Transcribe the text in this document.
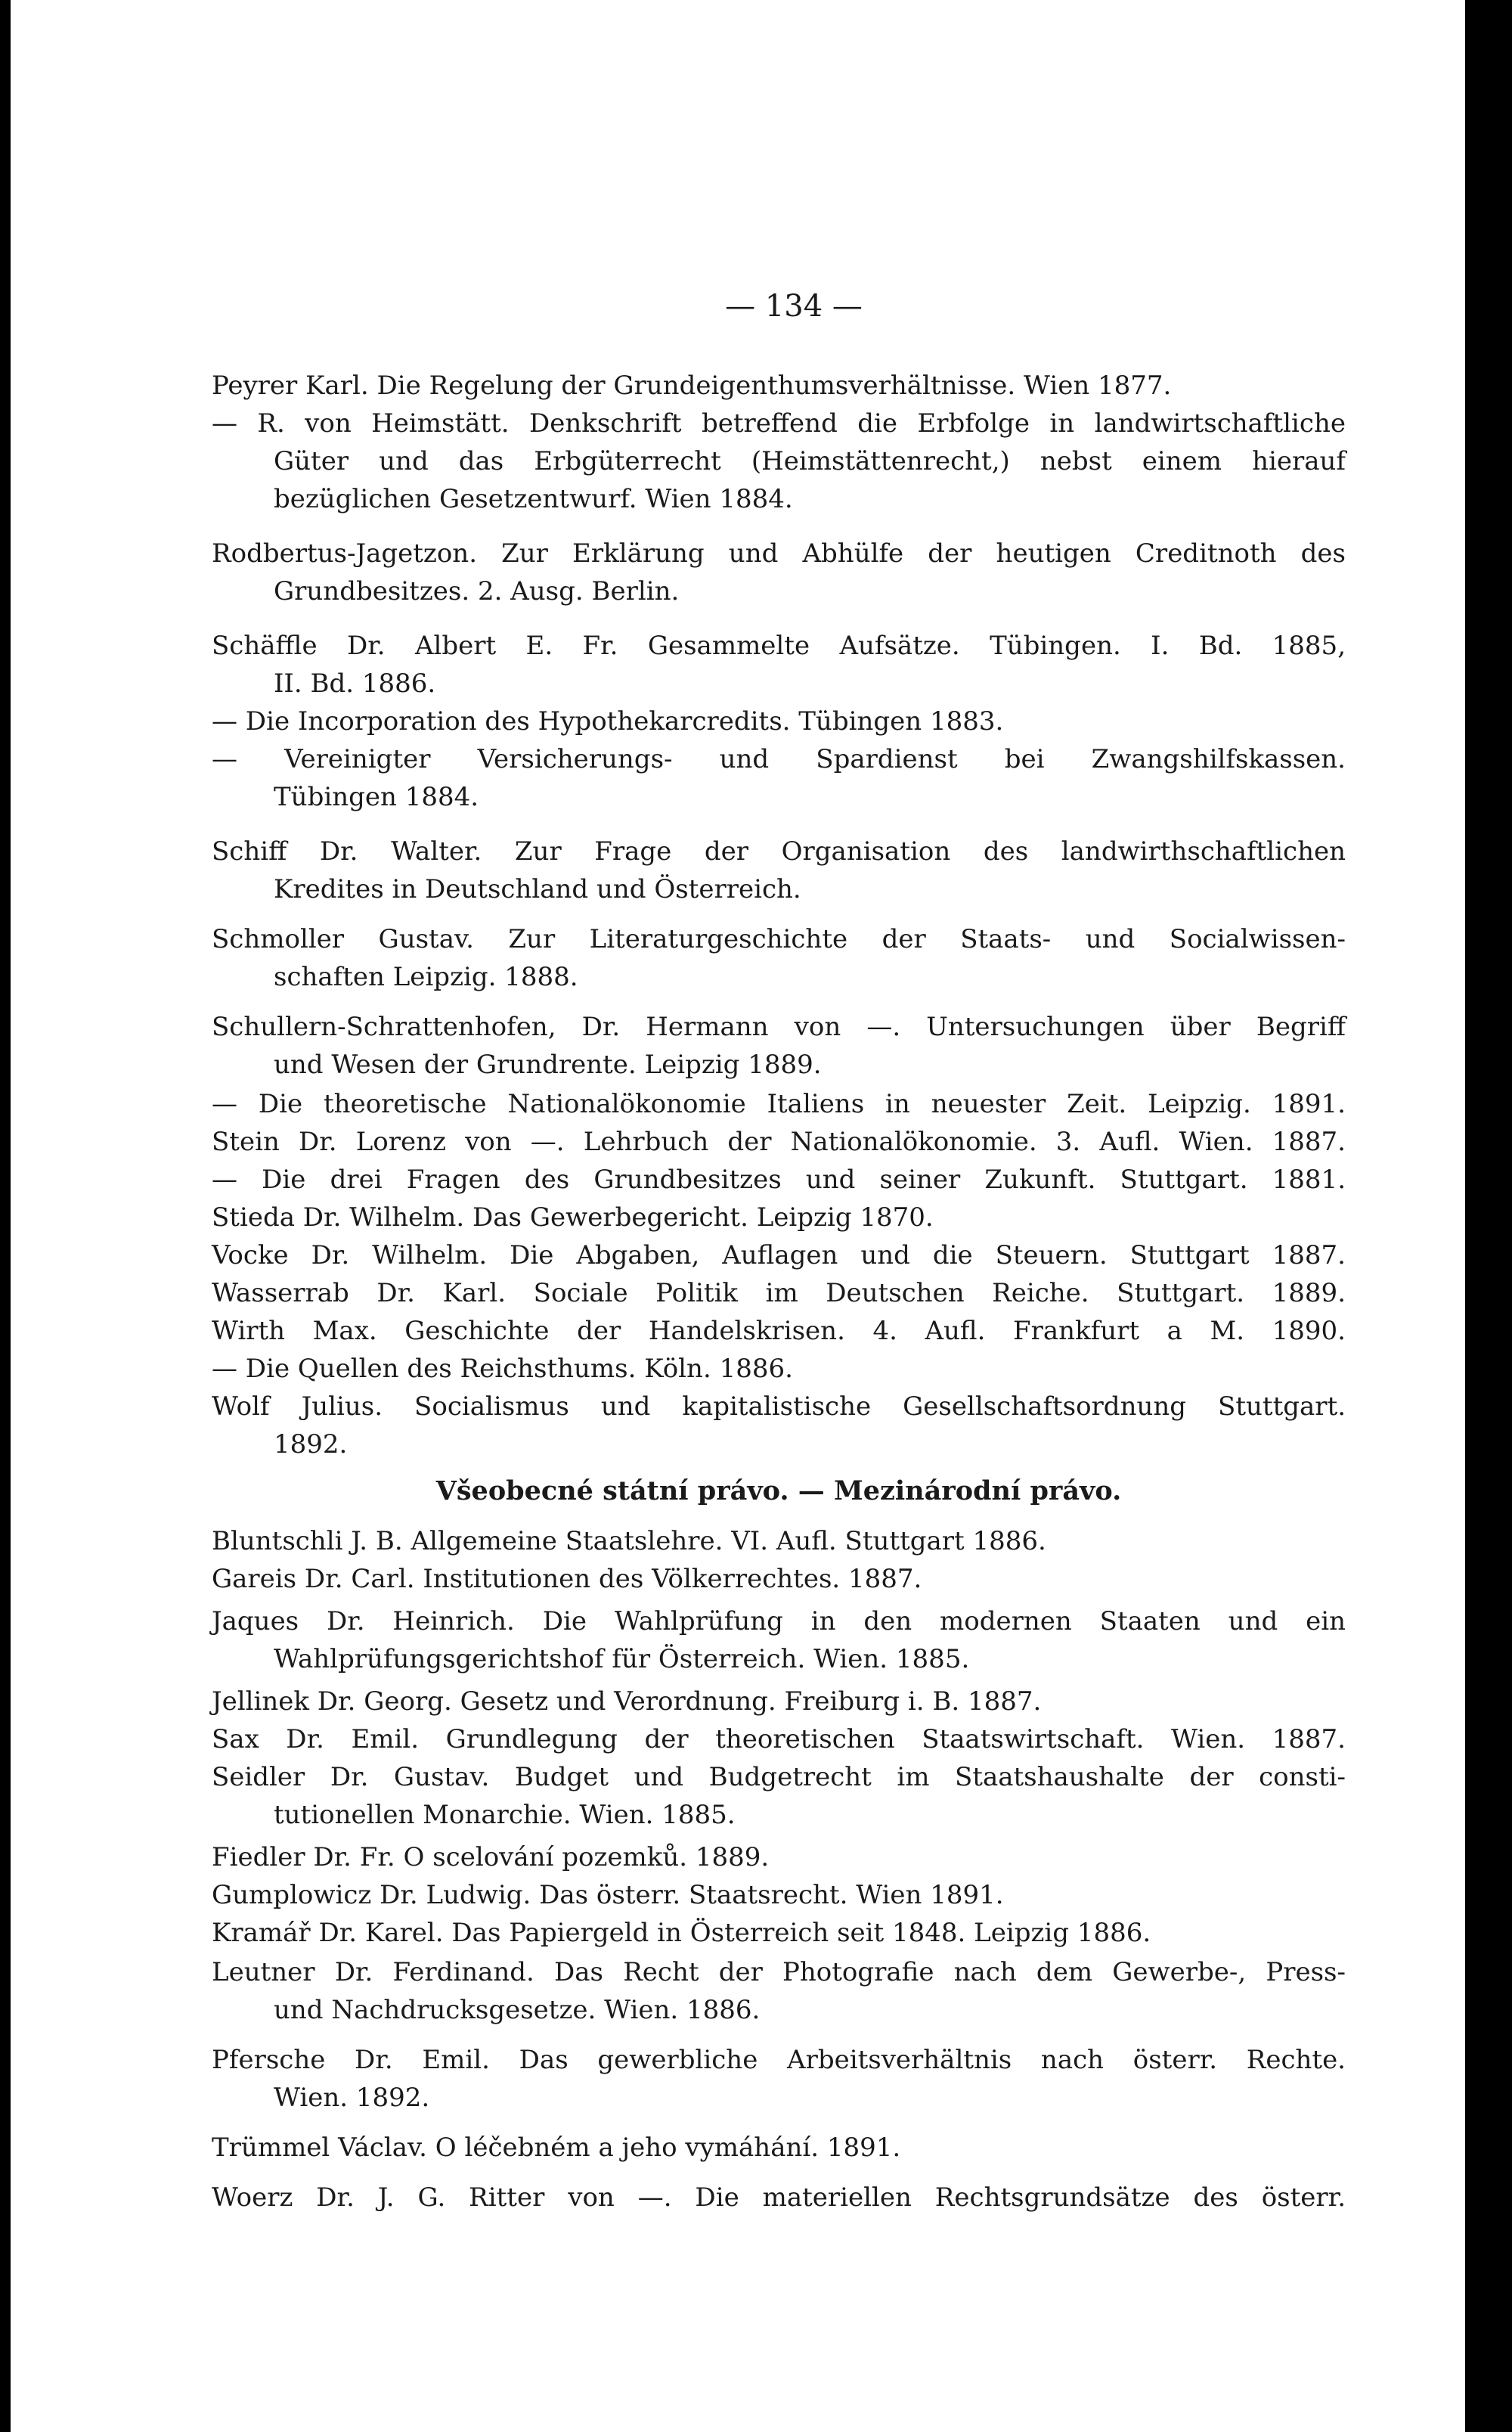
— 134 —
Peyrer Karl. Die Regelung der Grundeigenthumsverhältnisse. Wien 1877.
— R. von Heimstätt. Denkschrift betreffend die Erbfolge in landwirtschaftliche
Güter und das Erbgüterrecht (Heimstättenrecht,) nebst einem hierauf
bezüglichen Gesetzentwurf. Wien 1884.
Rodbertus-Jagetzon. Zur Erklärung und Abhülfe der heutigen Creditnoth des
Grundbesitzes. 2. Ausg. Berlin.
Schäffle Dr. Albert E. Fr. Gesammelte Aufsätze. Tübingen. I. Bd. 1885,
II. Bd. 1886.
— Die Incorporation des Hypothekarcredits. Tübingen 1883.
— Vereinigter Versicherungs- und Spardienst bei Zwangshilfskassen.
Tübingen 1884.
Schiff Dr. Walter. Zur Frage der Organisation des landwirthschaftlichen
Kredites in Deutschland und Österreich.
Schmoller Gustav. Zur Literaturgeschichte der Staats- und Socialwissen-
schaften Leipzig. 1888.
Schullern-Schrattenhofen, Dr. Hermann von —. Untersuchungen über Begriff
und Wesen der Grundrente. Leipzig 1889.
— Die theoretische Nationalökonomie Italiens in neuester Zeit. Leipzig. 1891.
Stein Dr. Lorenz von —. Lehrbuch der Nationalökonomie. 3. Aufl. Wien. 1887.
— Die drei Fragen des Grundbesitzes und seiner Zukunft. Stuttgart. 1881.
Stieda Dr. Wilhelm. Das Gewerbegericht. Leipzig 1870.
Vocke Dr. Wilhelm. Die Abgaben, Auflagen und die Steuern. Stuttgart 1887.
Wasserrab Dr. Karl. Sociale Politik im Deutschen Reiche. Stuttgart. 1889.
Wirth Max. Geschichte der Handelskrisen. 4. Aufl. Frankfurt a M. 1890.
— Die Quellen des Reichsthums. Köln. 1886.
Wolf Julius. Socialismus und kapitalistische Gesellschaftsordnung Stuttgart.
1892.
Všeobecné státní právo. — Mezinárodní právo.
Bluntschli J. B. Allgemeine Staatslehre. VI. Aufl. Stuttgart 1886.
Gareis Dr. Carl. Institutionen des Völkerrechtes. 1887.
Jaques Dr. Heinrich. Die Wahlprüfung in den modernen Staaten und ein
Wahlprüfungsgerichtshof für Österreich. Wien. 1885.
Jellinek Dr. Georg. Gesetz und Verordnung. Freiburg i. B. 1887.
Sax Dr. Emil. Grundlegung der theoretischen Staatswirtschaft. Wien. 1887.
Seidler Dr. Gustav. Budget und Budgetrecht im Staatshaushalte der consti-
tutionellen Monarchie. Wien. 1885.
Fiedler Dr. Fr. O scelování pozemků. 1889.
Gumplowicz Dr. Ludwig. Das österr. Staatsrecht. Wien 1891.
Kramář Dr. Karel. Das Papiergeld in Österreich seit 1848. Leipzig 1886.
Leutner Dr. Ferdinand. Das Recht der Photografie nach dem Gewerbe-, Press-
und Nachdrucksgesetze. Wien. 1886.
Pfersche Dr. Emil. Das gewerbliche Arbeitsverhältnis nach österr. Rechte.
Wien. 1892.
Trümmel Václav. O léčebném a jeho vymáhání. 1891.
Woerz Dr. J. G. Ritter von —. Die materiellen Rechtsgrundsätze des österr.
